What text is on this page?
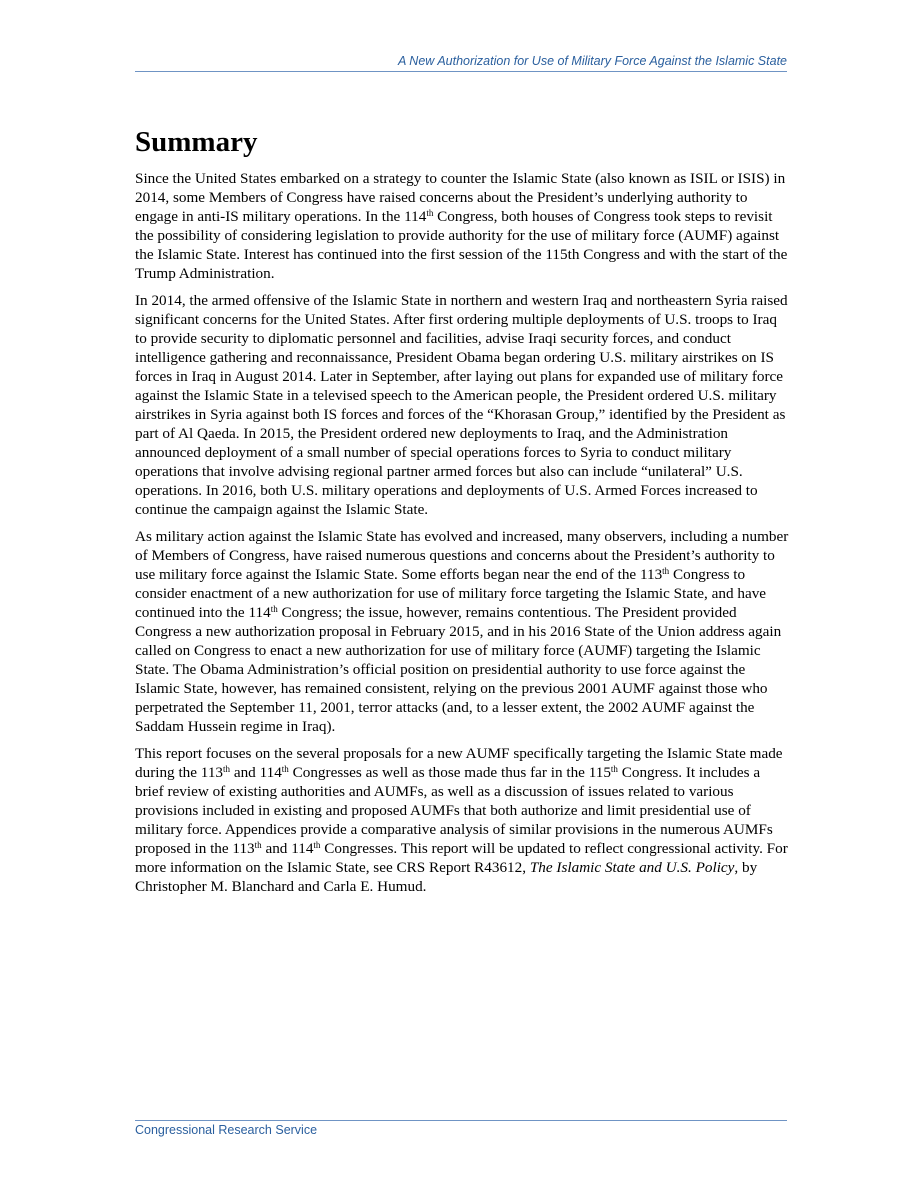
A New Authorization for Use of Military Force Against the Islamic State
Summary

Since the United States embarked on a strategy to counter the Islamic State (also known as ISIL or ISIS) in 2014, some Members of Congress have raised concerns about the President’s underlying authority to engage in anti-IS military operations. In the 114th Congress, both houses of Congress took steps to revisit the possibility of considering legislation to provide authority for the use of military force (AUMF) against the Islamic State. Interest has continued into the first session of the 115th Congress and with the start of the Trump Administration.

In 2014, the armed offensive of the Islamic State in northern and western Iraq and northeastern Syria raised significant concerns for the United States. After first ordering multiple deployments of U.S. troops to Iraq to provide security to diplomatic personnel and facilities, advise Iraqi security forces, and conduct intelligence gathering and reconnaissance, President Obama began ordering U.S. military airstrikes on IS forces in Iraq in August 2014. Later in September, after laying out plans for expanded use of military force against the Islamic State in a televised speech to the American people, the President ordered U.S. military airstrikes in Syria against both IS forces and forces of the “Khorasan Group,” identified by the President as part of Al Qaeda. In 2015, the President ordered new deployments to Iraq, and the Administration announced deployment of a small number of special operations forces to Syria to conduct military operations that involve advising regional partner armed forces but also can include “unilateral” U.S. operations. In 2016, both U.S. military operations and deployments of U.S. Armed Forces increased to continue the campaign against the Islamic State.

As military action against the Islamic State has evolved and increased, many observers, including a number of Members of Congress, have raised numerous questions and concerns about the President’s authority to use military force against the Islamic State. Some efforts began near the end of the 113th Congress to consider enactment of a new authorization for use of military force targeting the Islamic State, and have continued into the 114th Congress; the issue, however, remains contentious. The President provided Congress a new authorization proposal in February 2015, and in his 2016 State of the Union address again called on Congress to enact a new authorization for use of military force (AUMF) targeting the Islamic State. The Obama Administration’s official position on presidential authority to use force against the Islamic State, however, has remained consistent, relying on the previous 2001 AUMF against those who perpetrated the September 11, 2001, terror attacks (and, to a lesser extent, the 2002 AUMF against the Saddam Hussein regime in Iraq).

This report focuses on the several proposals for a new AUMF specifically targeting the Islamic State made during the 113th and 114th Congresses as well as those made thus far in the 115th Congress. It includes a brief review of existing authorities and AUMFs, as well as a discussion of issues related to various provisions included in existing and proposed AUMFs that both authorize and limit presidential use of military force. Appendices provide a comparative analysis of similar provisions in the numerous AUMFs proposed in the 113th and 114th Congresses. This report will be updated to reflect congressional activity. For more information on the Islamic State, see CRS Report R43612, The Islamic State and U.S. Policy, by Christopher M. Blanchard and Carla E. Humud.

Congressional Research Service
